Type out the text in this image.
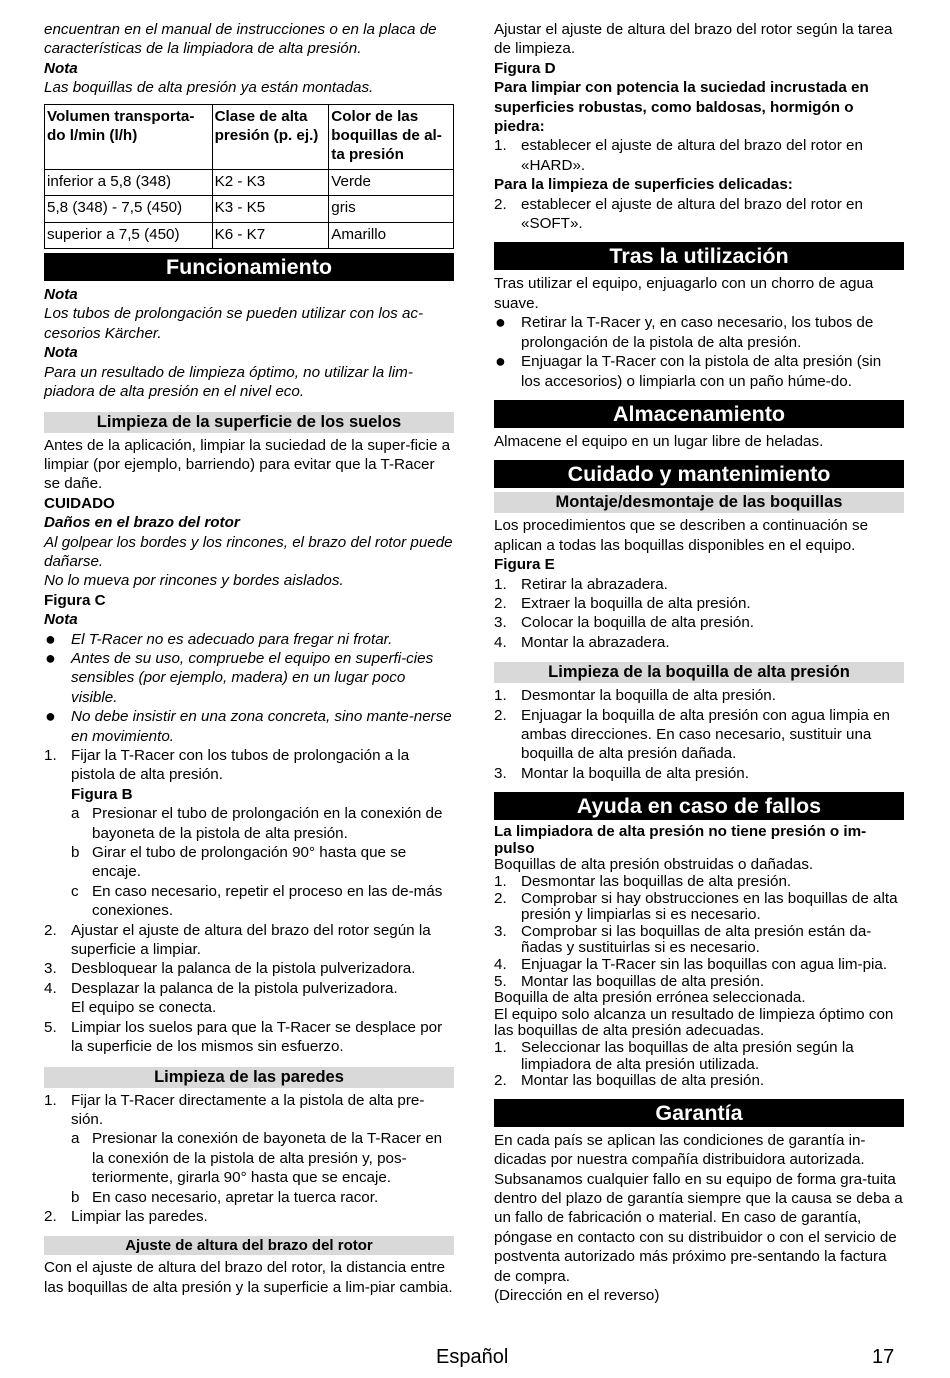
encuentran en el manual de instrucciones o en la placa de características de la limpiadora de alta presión.

Nota

Las boquillas de alta presión ya están montadas.

Volumen transporta-do l/min (l/h)	Clase de alta presión (p. ej.)	Color de las boquillas de al-ta presión
inferior a 5,8 (348)	K2 - K3	Verde
5,8 (348) - 7,5 (450)	K3 - K5	gris
superior a 7,5 (450)	K6 - K7	Amarillo
Funcionamiento

Nota

Los tubos de prolongación se pueden utilizar con los ac-cesorios Kärcher.

Nota

Para un resultado de limpieza óptimo, no utilizar la lim-piadora de alta presión en el nivel eco.

Limpieza de la superficie de los suelos

Antes de la aplicación, limpiar la suciedad de la super-ficie a limpiar (por ejemplo, barriendo) para evitar que la T-Racer se dañe.

CUIDADO

Daños en el brazo del rotor

Al golpear los bordes y los rincones, el brazo del rotor puede dañarse.

No lo mueva por rincones y bordes aislados.

Figura C

Nota

● El T-Racer no es adecuado para fregar ni frotar.
● Antes de su uso, compruebe el equipo en superfi-cies sensibles (por ejemplo, madera) en un lugar poco visible.
● No debe insistir en una zona concreta, sino mante-nerse en movimiento.
1. Fijar la T-Racer con los tubos de prolongación a la pistola de alta presión.

Figura B

a Presionar el tubo de prolongación en la conexión de bayoneta de la pistola de alta presión.
b Girar el tubo de prolongación 90° hasta que se encaje.
c En caso necesario, repetir el proceso en las de-más conexiones.
2. Ajustar el ajuste de altura del brazo del rotor según la superficie a limpiar.
3. Desbloquear la palanca de la pistola pulverizadora.
4. Desplazar la palanca de la pistola pulverizadora.

El equipo se conecta.

5. Limpiar los suelos para que la T-Racer se desplace por la superficie de los mismos sin esfuerzo.
Limpieza de las paredes
1. Fijar la T-Racer directamente a la pistola de alta pre-sión.
a Presionar la conexión de bayoneta de la T-Racer en la conexión de la pistola de alta presión y, pos-teriormente, girarla 90° hasta que se encaje.
b En caso necesario, apretar la tuerca racor.
2. Limpiar las paredes.
Ajuste de altura del brazo del rotor

Con el ajuste de altura del brazo del rotor, la distancia entre las boquillas de alta presión y la superficie a lim-piar cambia.

Ajustar el ajuste de altura del brazo del rotor según la tarea de limpieza.

Figura D

Para limpiar con potencia la suciedad incrustada en superficies robustas, como baldosas, hormigón o piedra:

1. establecer el ajuste de altura del brazo del rotor en «HARD».

Para la limpieza de superficies delicadas:

2. establecer el ajuste de altura del brazo del rotor en «SOFT».
Tras la utilización

Tras utilizar el equipo, enjuagarlo con un chorro de agua suave.

● Retirar la T-Racer y, en caso necesario, los tubos de prolongación de la pistola de alta presión.
● Enjuagar la T-Racer con la pistola de alta presión (sin los accesorios) o limpiarla con un paño húme-do.
Almacenamiento

Almacene el equipo en un lugar libre de heladas.

Cuidado y mantenimiento
Montaje/desmontaje de las boquillas

Los procedimientos que se describen a continuación se aplican a todas las boquillas disponibles en el equipo.

Figura E

1. Retirar la abrazadera.
2. Extraer la boquilla de alta presión.
3. Colocar la boquilla de alta presión.
4. Montar la abrazadera.
Limpieza de la boquilla de alta presión
1. Desmontar la boquilla de alta presión.
2. Enjuagar la boquilla de alta presión con agua limpia en ambas direcciones. En caso necesario, sustituir una boquilla de alta presión dañada.
3. Montar la boquilla de alta presión.
Ayuda en caso de fallos

La limpiadora de alta presión no tiene presión o im-pulso

Boquillas de alta presión obstruidas o dañadas.

1. Desmontar las boquillas de alta presión.
2. Comprobar si hay obstrucciones en las boquillas de alta presión y limpiarlas si es necesario.
3. Comprobar si las boquillas de alta presión están da-ñadas y sustituirlas si es necesario.
4. Enjuagar la T-Racer sin las boquillas con agua lim-pia.
5. Montar las boquillas de alta presión.

Boquilla de alta presión errónea seleccionada.

El equipo solo alcanza un resultado de limpieza óptimo con las boquillas de alta presión adecuadas.

1. Seleccionar las boquillas de alta presión según la limpiadora de alta presión utilizada.
2. Montar las boquillas de alta presión.
Garantía

En cada país se aplican las condiciones de garantía in-dicadas por nuestra compañía distribuidora autorizada. Subsanamos cualquier fallo en su equipo de forma gra-tuita dentro del plazo de garantía siempre que la causa se deba a un fallo de fabricación o material. En caso de garantía, póngase en contacto con su distribuidor o con el servicio de postventa autorizado más próximo pre-sentando la factura de compra.

(Dirección en el reverso)

Español	17
